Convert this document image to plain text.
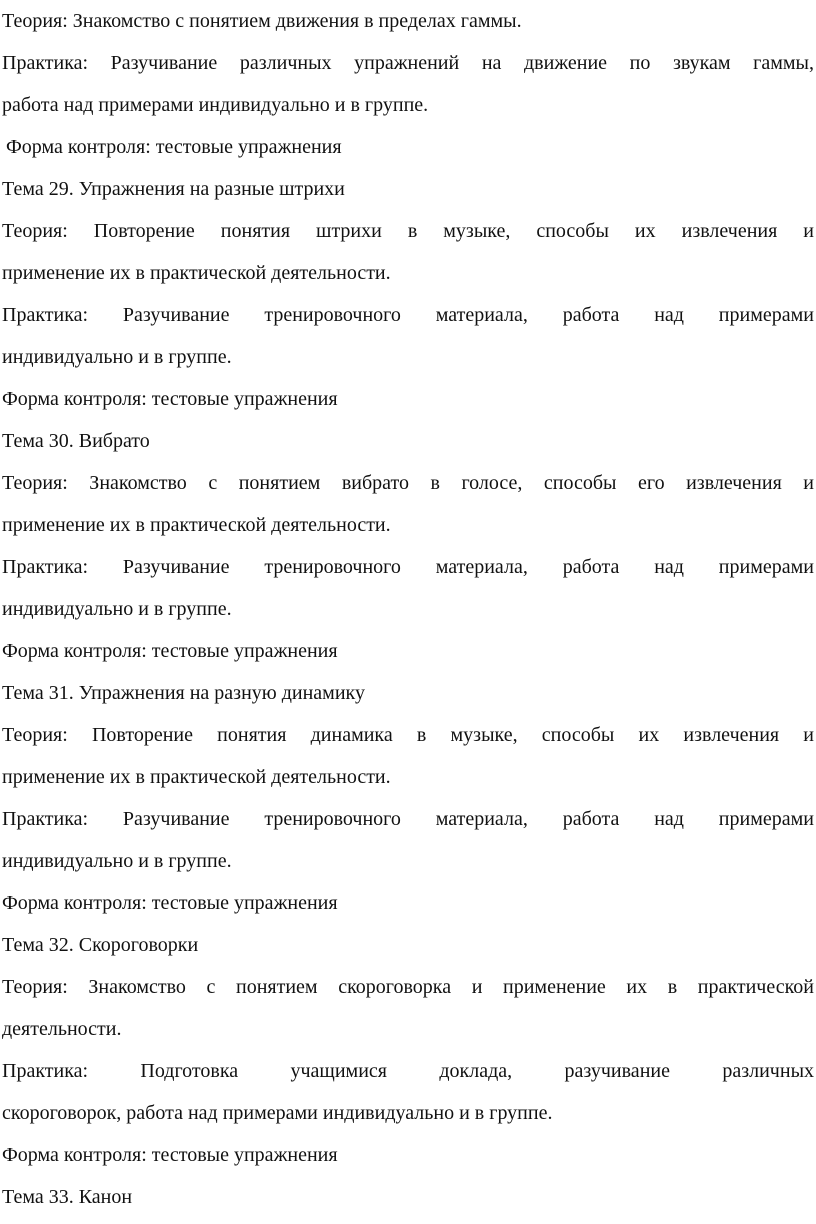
Теория: Знакомство с понятием движения в пределах гаммы.
Практика: Разучивание различных упражнений на движение по звукам гаммы,
работа над примерами индивидуально и в группе.
Форма контроля: тестовые упражнения
Тема 29. Упражнения на разные штрихи
Теория: Повторение понятия штрихи в музыке, способы их извлечения и
применение их в практической деятельности.
Практика: Разучивание тренировочного материала, работа над примерами
индивидуально и в группе.
Форма контроля: тестовые упражнения
Тема 30. Вибрато
Теория: Знакомство с понятием вибрато в голосе, способы его извлечения и
применение их в практической деятельности.
Практика: Разучивание тренировочного материала, работа над примерами
индивидуально и в группе.
Форма контроля: тестовые упражнения
Тема 31. Упражнения на разную динамику
Теория: Повторение понятия динамика в музыке, способы их извлечения и
применение их в практической деятельности.
Практика: Разучивание тренировочного материала, работа над примерами
индивидуально и в группе.
Форма контроля: тестовые упражнения
Тема 32. Скороговорки
Теория: Знакомство с понятием скороговорка и применение их в практической
деятельности.
Практика: Подготовка учащимися доклада, разучивание различных
скороговорок, работа над примерами индивидуально и в группе.
Форма контроля: тестовые упражнения
Тема 33. Канон
